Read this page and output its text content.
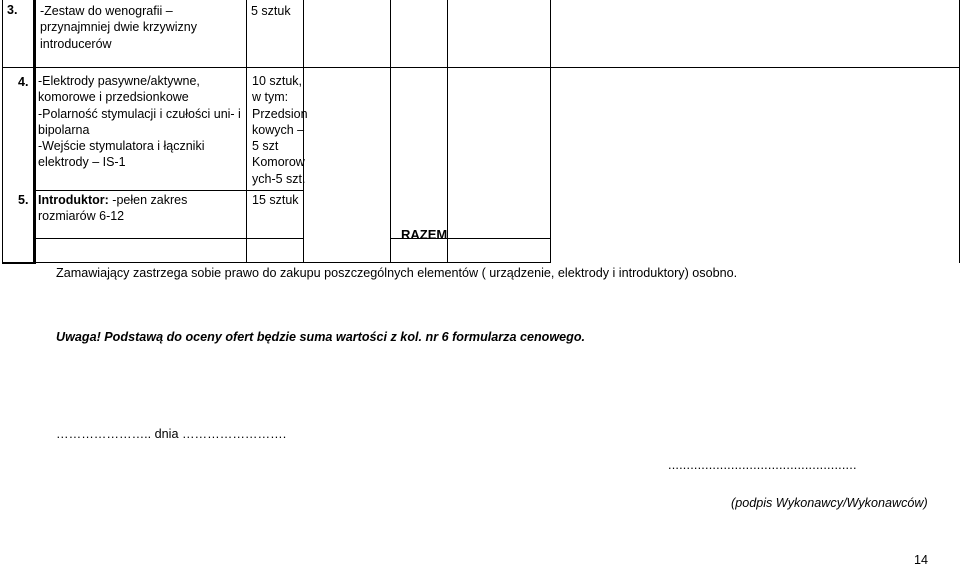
3. -Zestaw do wenografii –
przynajmniej dwie krzywizny
introducerów
5 sztuk
4. -Elektrody pasywne/aktywne,
komorowe i przedsionkowe
-Polarność stymulacji i czułości uni- i
bipolarna
-Wejście stymulatora i łączniki
elektrody – IS-1
10 sztuk,
w tym:
Przedsion
kowych –
5 szt
Komorow
ych-5 szt.
5. Introduktor: -pełen zakres
rozmiarów 6-12
15 sztuk
RAZEM
Zamawiający zastrzega sobie prawo do zakupu poszczególnych elementów ( urządzenie, elektrody i introduktory) osobno.
Uwaga! Podstawą do oceny ofert będzie suma wartości z kol. nr 6 formularza cenowego.
………………….. dnia …………………….
...................................................
(podpis Wykonawcy/Wykonawców)
14
